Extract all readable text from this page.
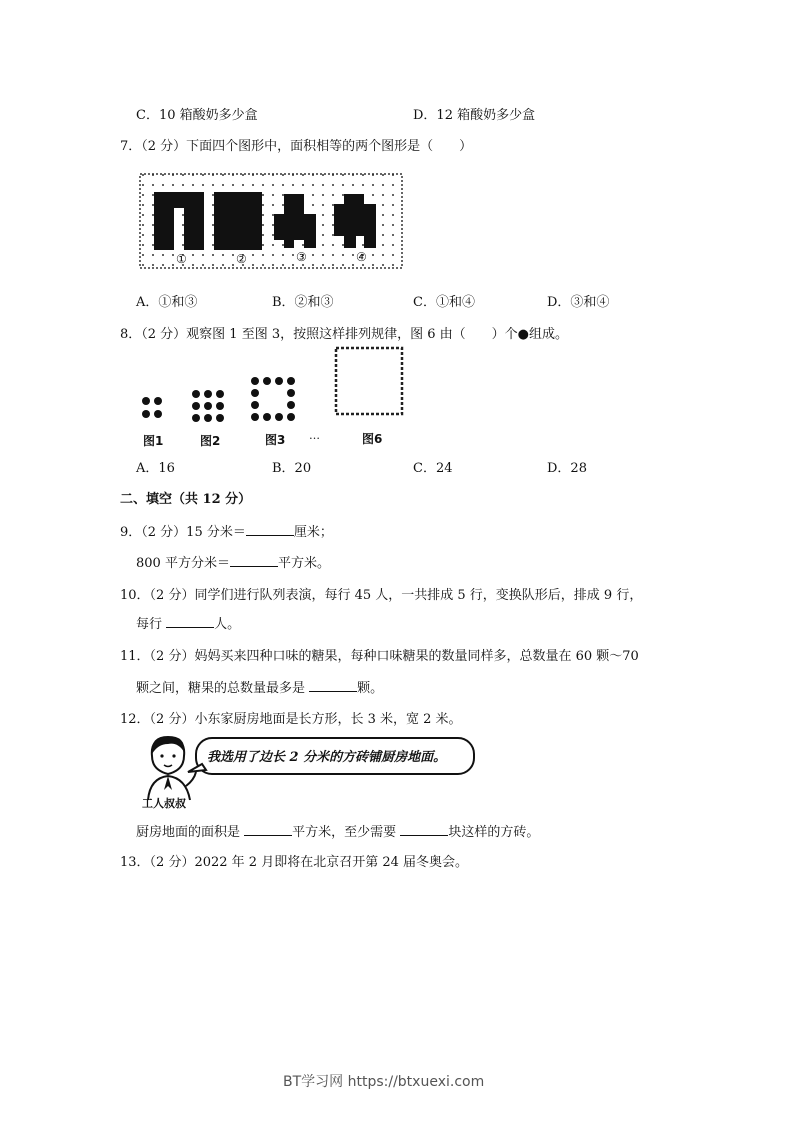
C．10 箱酸奶多少盒	D．12 箱酸奶多少盒
7．（2 分）下面四个图形中，面积相等的两个图形是（　　）
①	②	③	④
A．①和③	B．②和③	C．①和④	D．③和④
8．（2 分）观察图 1 至图 3，按照这样排列规律，图 6 由（　　）个●组成。
图1	图2	图3 …	图6
A．16	B．20	C．24	D．28
二、填空（共 12 分）
9．（2 分）15 分米＝	厘米；
800 平方分米＝	平方米。
10．（2 分）同学们进行队列表演，每行 45 人，一共排成 5 行，变换队形后，排成 9 行，
每行	人。
11．（2 分）妈妈买来四种口味的糖果，每种口味糖果的数量同样多，总数量在 60 颗～70
颗之间，糖果的总数量最多是	颗。
12．（2 分）小东家厨房地面是长方形，长 3 米，宽 2 米。
我选用了边长 2 分米的方砖铺厨房地面。
工人叔叔
厨房地面的面积是	平方米，至少需要	块这样的方砖。
13．（2 分）2022 年 2 月即将在北京召开第 24 届冬奥会。
BT学习网 https://btxuexi.com
